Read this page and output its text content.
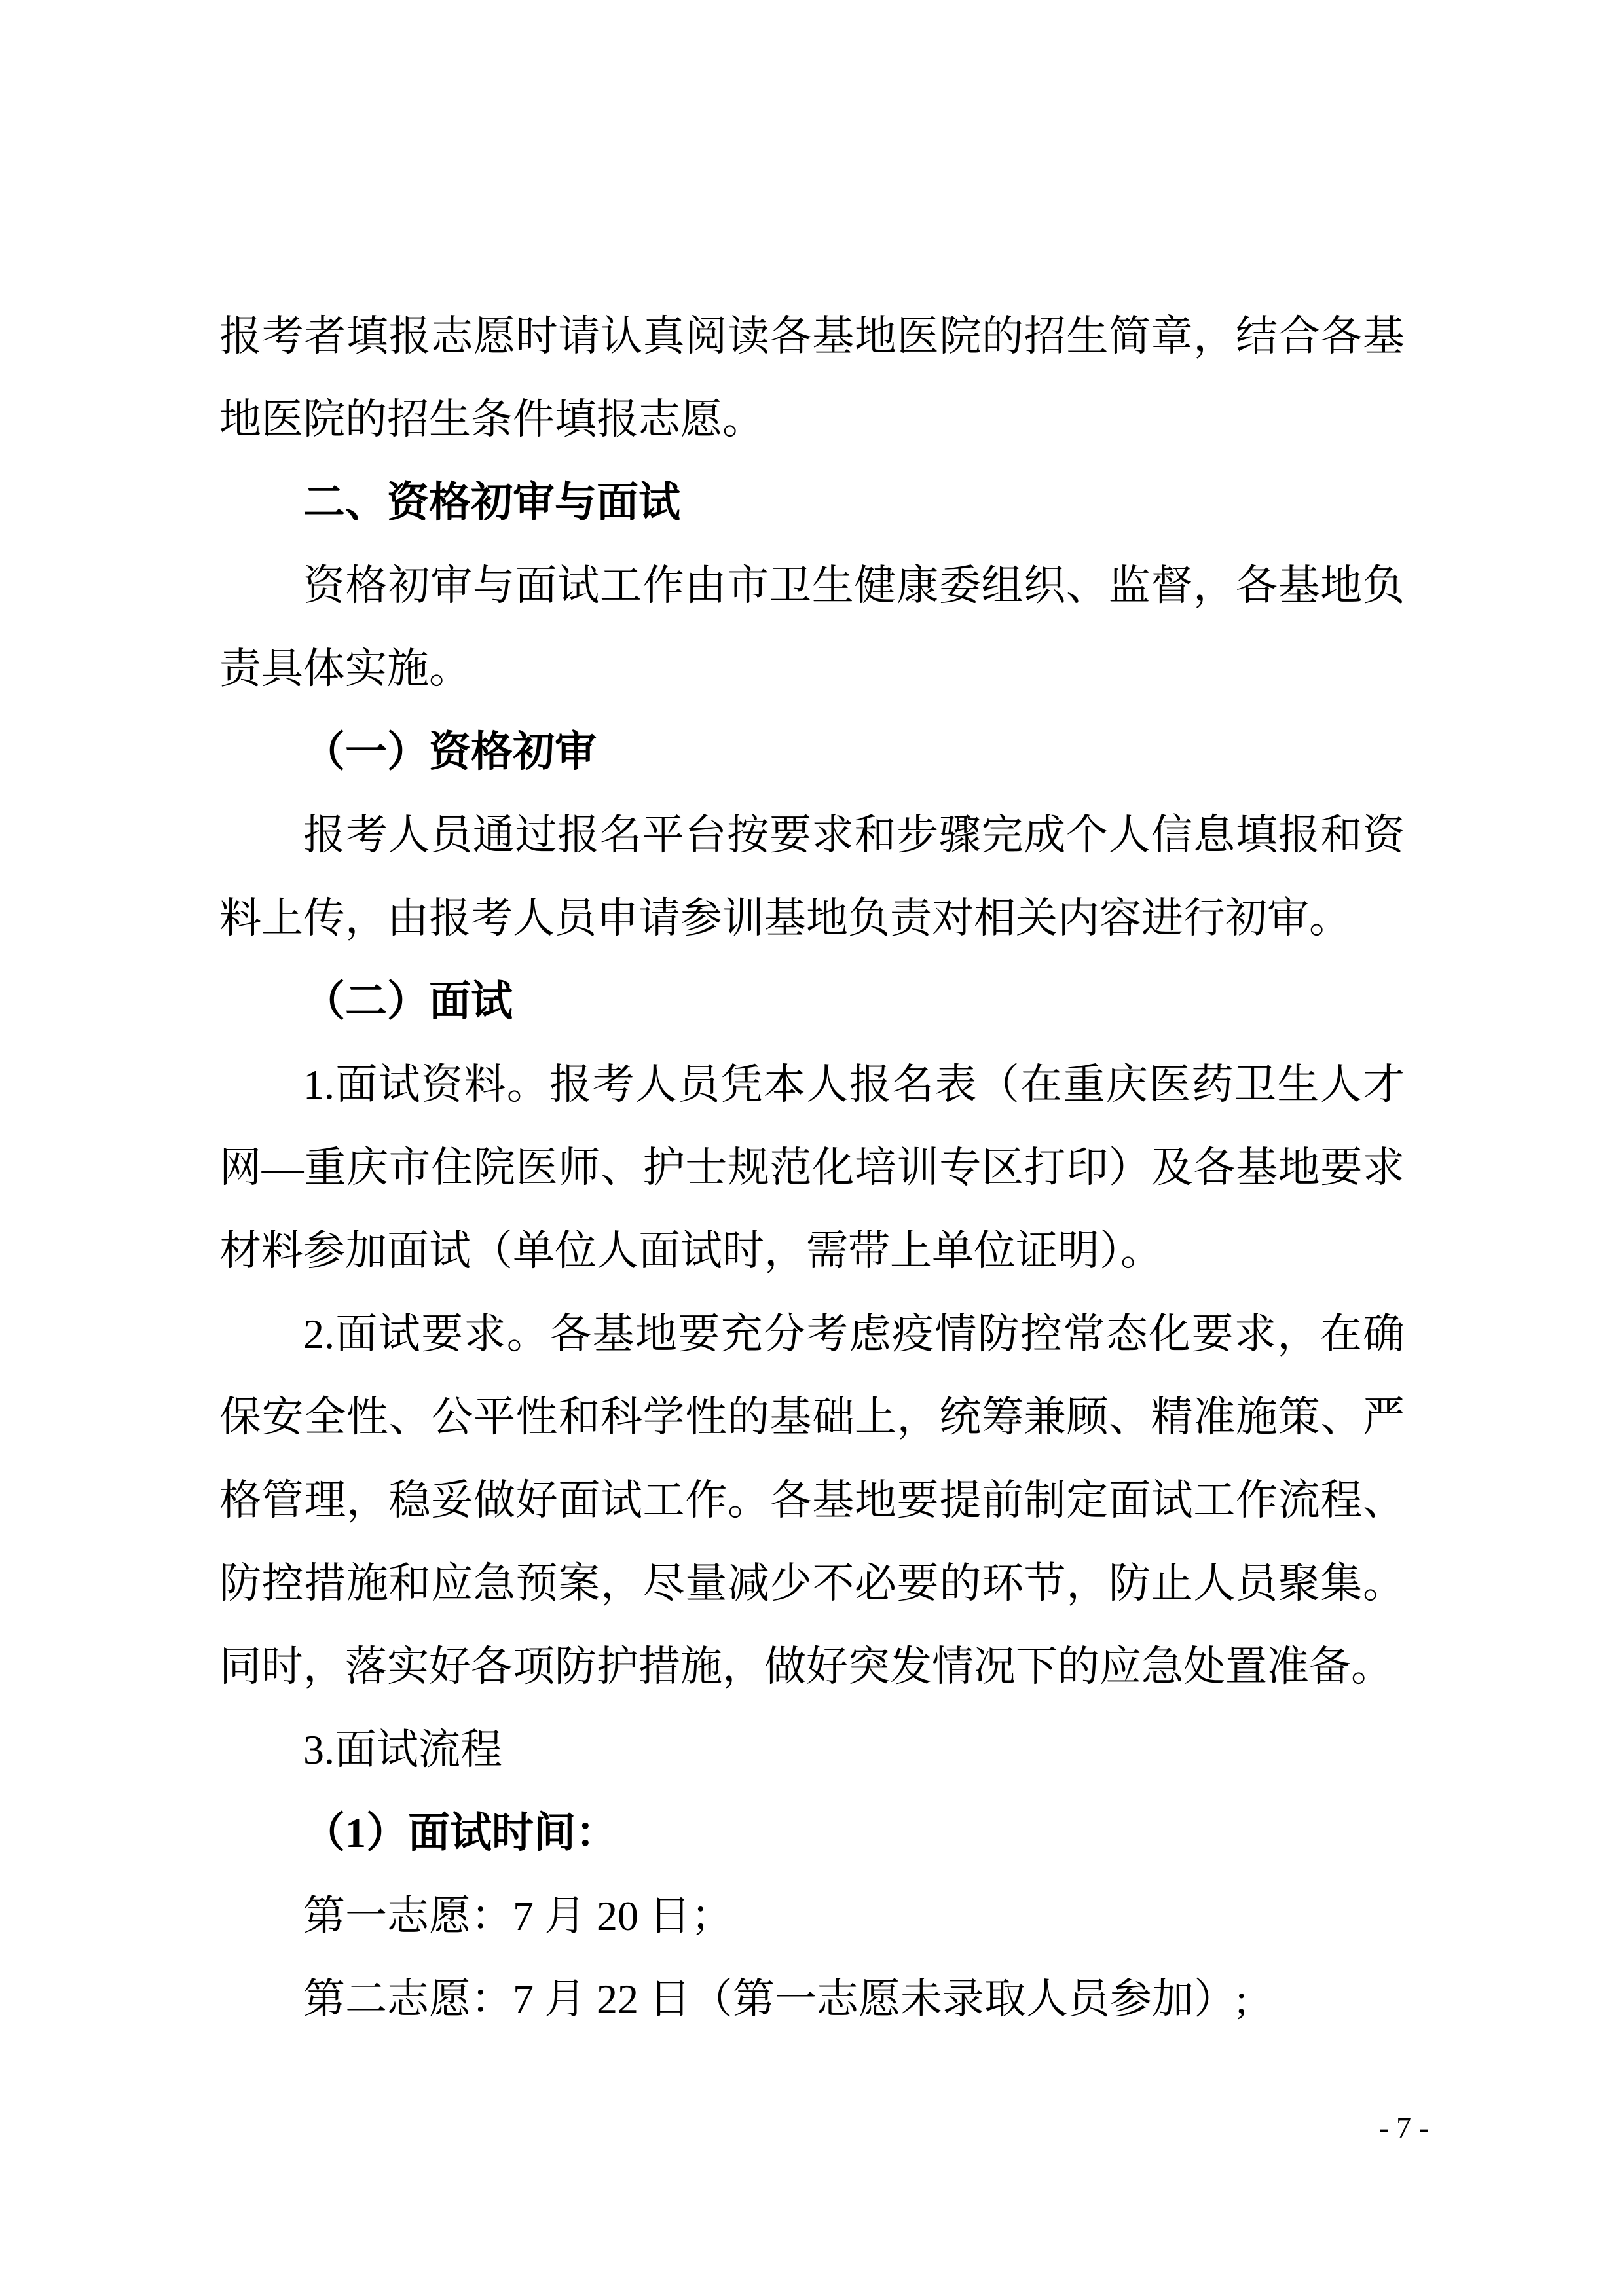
报考者填报志愿时请认真阅读各基地医院的招生简章，结合各基地医院的招生条件填报志愿。

二、资格初审与面试

资格初审与面试工作由市卫生健康委组织、监督，各基地负责具体实施。

（一）资格初审

报考人员通过报名平台按要求和步骤完成个人信息填报和资料上传，由报考人员申请参训基地负责对相关内容进行初审。

（二）面试

1.面试资料。报考人员凭本人报名表（在重庆医药卫生人才网—重庆市住院医师、护士规范化培训专区打印）及各基地要求材料参加面试（单位人面试时，需带上单位证明）。

2.面试要求。各基地要充分考虑疫情防控常态化要求，在确保安全性、公平性和科学性的基础上，统筹兼顾、精准施策、严格管理，稳妥做好面试工作。各基地要提前制定面试工作流程、防控措施和应急预案，尽量减少不必要的环节，防止人员聚集。同时，落实好各项防护措施，做好突发情况下的应急处置准备。

3.面试流程

（1）面试时间：

第一志愿：7 月 20 日；

第二志愿：7 月 22 日（第一志愿未录取人员参加）;

- 7 -
